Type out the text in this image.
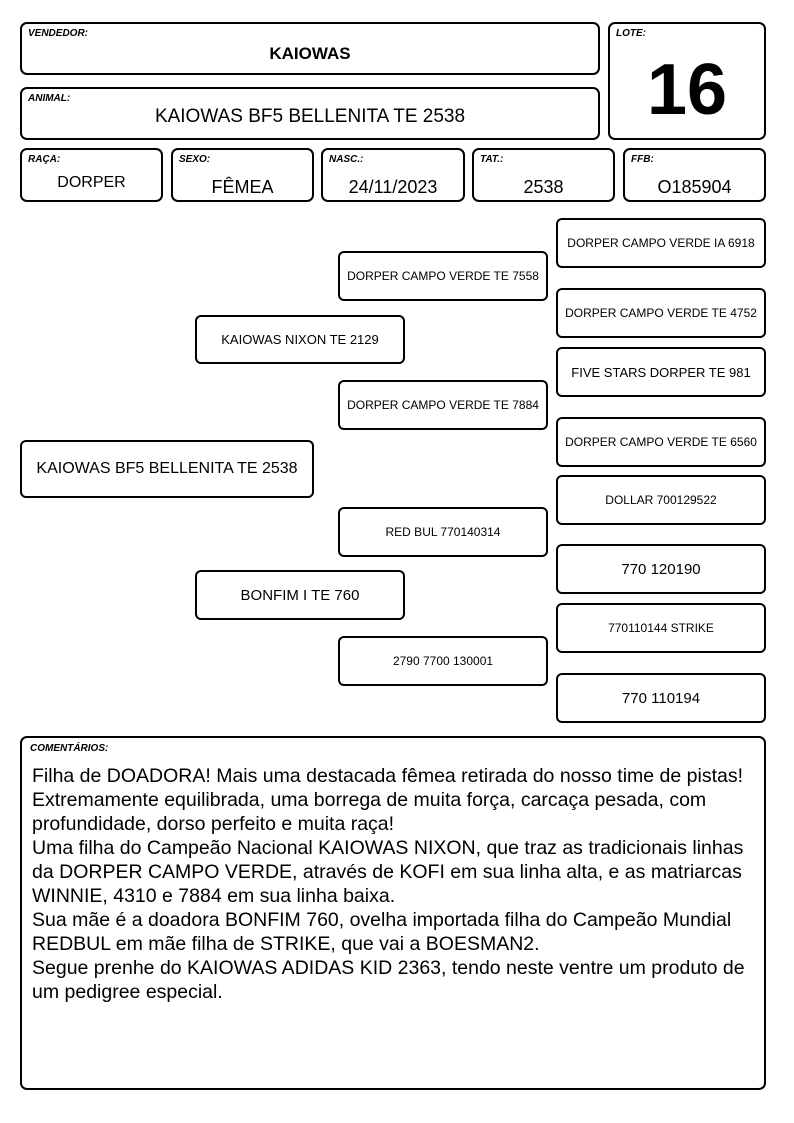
VENDEDOR:
KAIOWAS
LOTE:
16
ANIMAL:
KAIOWAS BF5 BELLENITA TE 2538
RAÇA:
DORPER
SEXO:
FÊMEA
NASC.:
24/11/2023
TAT.:
2538
FFB:
O185904
KAIOWAS BF5 BELLENITA TE 2538
KAIOWAS NIXON TE 2129
BONFIM I TE 760
DORPER CAMPO VERDE TE 7558
DORPER CAMPO VERDE TE 7884
RED BUL 770140314
2790 7700 130001
DORPER CAMPO VERDE IA 6918
DORPER CAMPO VERDE TE 4752
FIVE STARS DORPER TE 981
DORPER CAMPO VERDE TE 6560
DOLLAR 700129522
770 120190
770110144 STRIKE
770 110194
COMENTÁRIOS:

Filha de DOADORA! Mais uma destacada fêmea retirada do nosso time de pistas!

Extremamente equilibrada, uma borrega de muita força, carcaça pesada, com profundidade, dorso perfeito e muita raça!

Uma filha do Campeão Nacional KAIOWAS NIXON, que traz as tradicionais linhas da DORPER CAMPO VERDE, através de KOFI em sua linha alta, e as matriarcas WINNIE, 4310 e 7884 em sua linha baixa.

Sua mãe é a doadora BONFIM 760, ovelha importada filha do Campeão Mundial REDBUL em mãe filha de STRIKE, que vai a BOESMAN2.

Segue prenhe do KAIOWAS ADIDAS KID 2363, tendo neste ventre um produto de um pedigree especial.
